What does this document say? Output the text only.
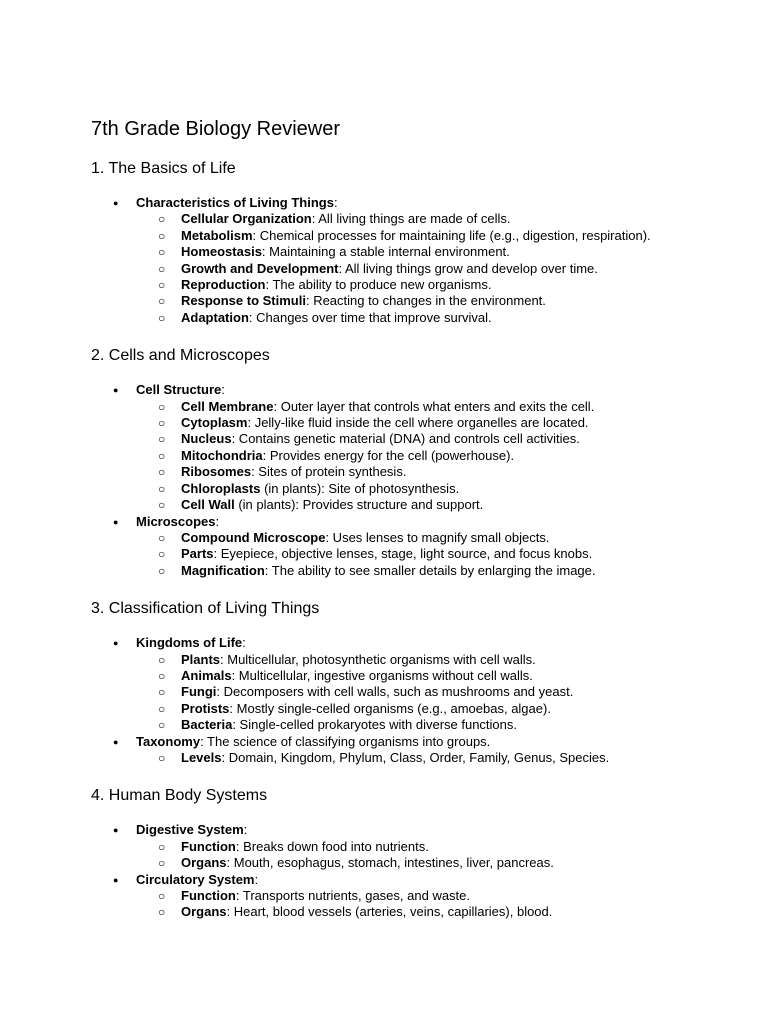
7th Grade Biology Reviewer
1. The Basics of Life
● Characteristics of Living Things:
○ Cellular Organization: All living things are made of cells.
○ Metabolism: Chemical processes for maintaining life (e.g., digestion, respiration).
○ Homeostasis: Maintaining a stable internal environment.
○ Growth and Development: All living things grow and develop over time.
○ Reproduction: The ability to produce new organisms.
○ Response to Stimuli: Reacting to changes in the environment.
○ Adaptation: Changes over time that improve survival.
2. Cells and Microscopes
● Cell Structure:
○ Cell Membrane: Outer layer that controls what enters and exits the cell.
○ Cytoplasm: Jelly-like fluid inside the cell where organelles are located.
○ Nucleus: Contains genetic material (DNA) and controls cell activities.
○ Mitochondria: Provides energy for the cell (powerhouse).
○ Ribosomes: Sites of protein synthesis.
○ Chloroplasts (in plants): Site of photosynthesis.
○ Cell Wall (in plants): Provides structure and support.
● Microscopes:
○ Compound Microscope: Uses lenses to magnify small objects.
○ Parts: Eyepiece, objective lenses, stage, light source, and focus knobs.
○ Magnification: The ability to see smaller details by enlarging the image.
3. Classification of Living Things
● Kingdoms of Life:
○ Plants: Multicellular, photosynthetic organisms with cell walls.
○ Animals: Multicellular, ingestive organisms without cell walls.
○ Fungi: Decomposers with cell walls, such as mushrooms and yeast.
○ Protists: Mostly single-celled organisms (e.g., amoebas, algae).
○ Bacteria: Single-celled prokaryotes with diverse functions.
● Taxonomy: The science of classifying organisms into groups.
○ Levels: Domain, Kingdom, Phylum, Class, Order, Family, Genus, Species.
4. Human Body Systems
● Digestive System:
○ Function: Breaks down food into nutrients.
○ Organs: Mouth, esophagus, stomach, intestines, liver, pancreas.
● Circulatory System:
○ Function: Transports nutrients, gases, and waste.
○ Organs: Heart, blood vessels (arteries, veins, capillaries), blood.
